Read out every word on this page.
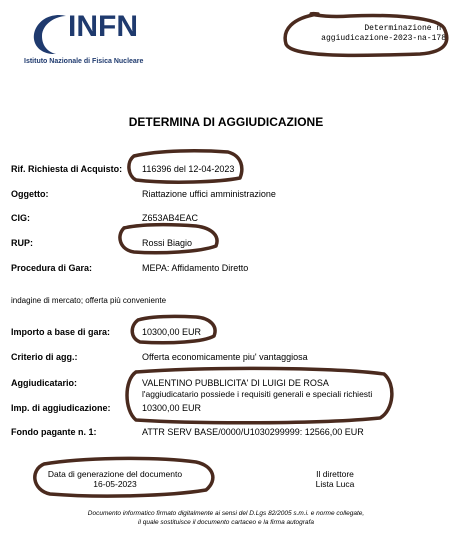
INFN
Istituto Nazionale di Fisica Nucleare
Determinazione n.
aggiudicazione-2023-na-178
DETERMINA DI AGGIUDICAZIONE
Rif. Richiesta di Acquisto: 116396 del 12-04-2023
Oggetto:	Riattazione uffici amministrazione
CIG:	Z653AB4EAC
RUP:	Rossi Biagio
Procedura di Gara:	MEPA: Affidamento Diretto
indagine di mercato; offerta più conveniente
Importo a base di gara:	10300,00 EUR
Criterio di agg.:	Offerta economicamente piu' vantaggiosa
Aggiudicatario:	VALENTINO PUBBLICITA' DI LUIGI DE ROSA
l'aggiudicatario possiede i requisiti generali e speciali richiesti
Imp. di aggiudicazione:	10300,00 EUR
Fondo pagante n. 1:	ATTR SERV BASE/0000/U1030299999: 12566,00 EUR
Data di generazione del documento
16-05-2023
Il direttore
Lista Luca
Documento informatico firmato digitalmente ai sensi del D.Lgs 82/2005 s.m.i. e norme collegate,
il quale sostituisce il documento cartaceo e la firma autografa
